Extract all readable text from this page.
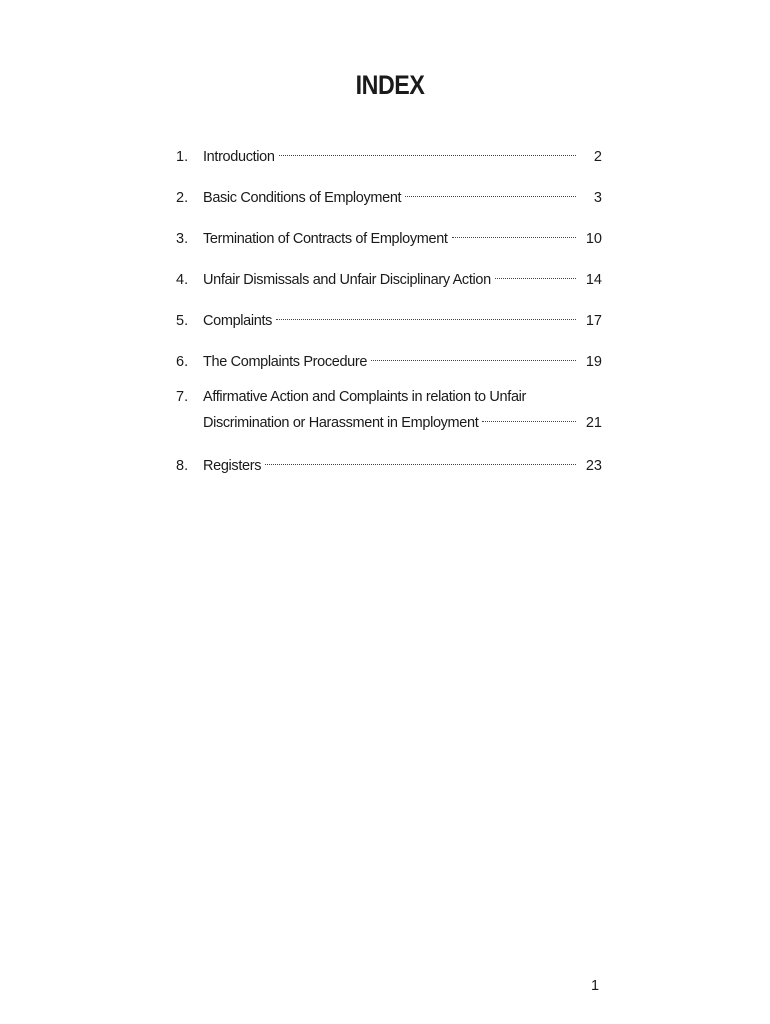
INDEX
1.	Introduction	2
2.	Basic Conditions of Employment	3
3.	Termination of Contracts of Employment	10
4.	Unfair Dismissals and Unfair Disciplinary Action	14
5.	Complaints	17
6.	The Complaints Procedure	19
7.	Affirmative Action and Complaints in relation to Unfair
Discrimination or Harassment in Employment	21
8.	Registers	23
1
